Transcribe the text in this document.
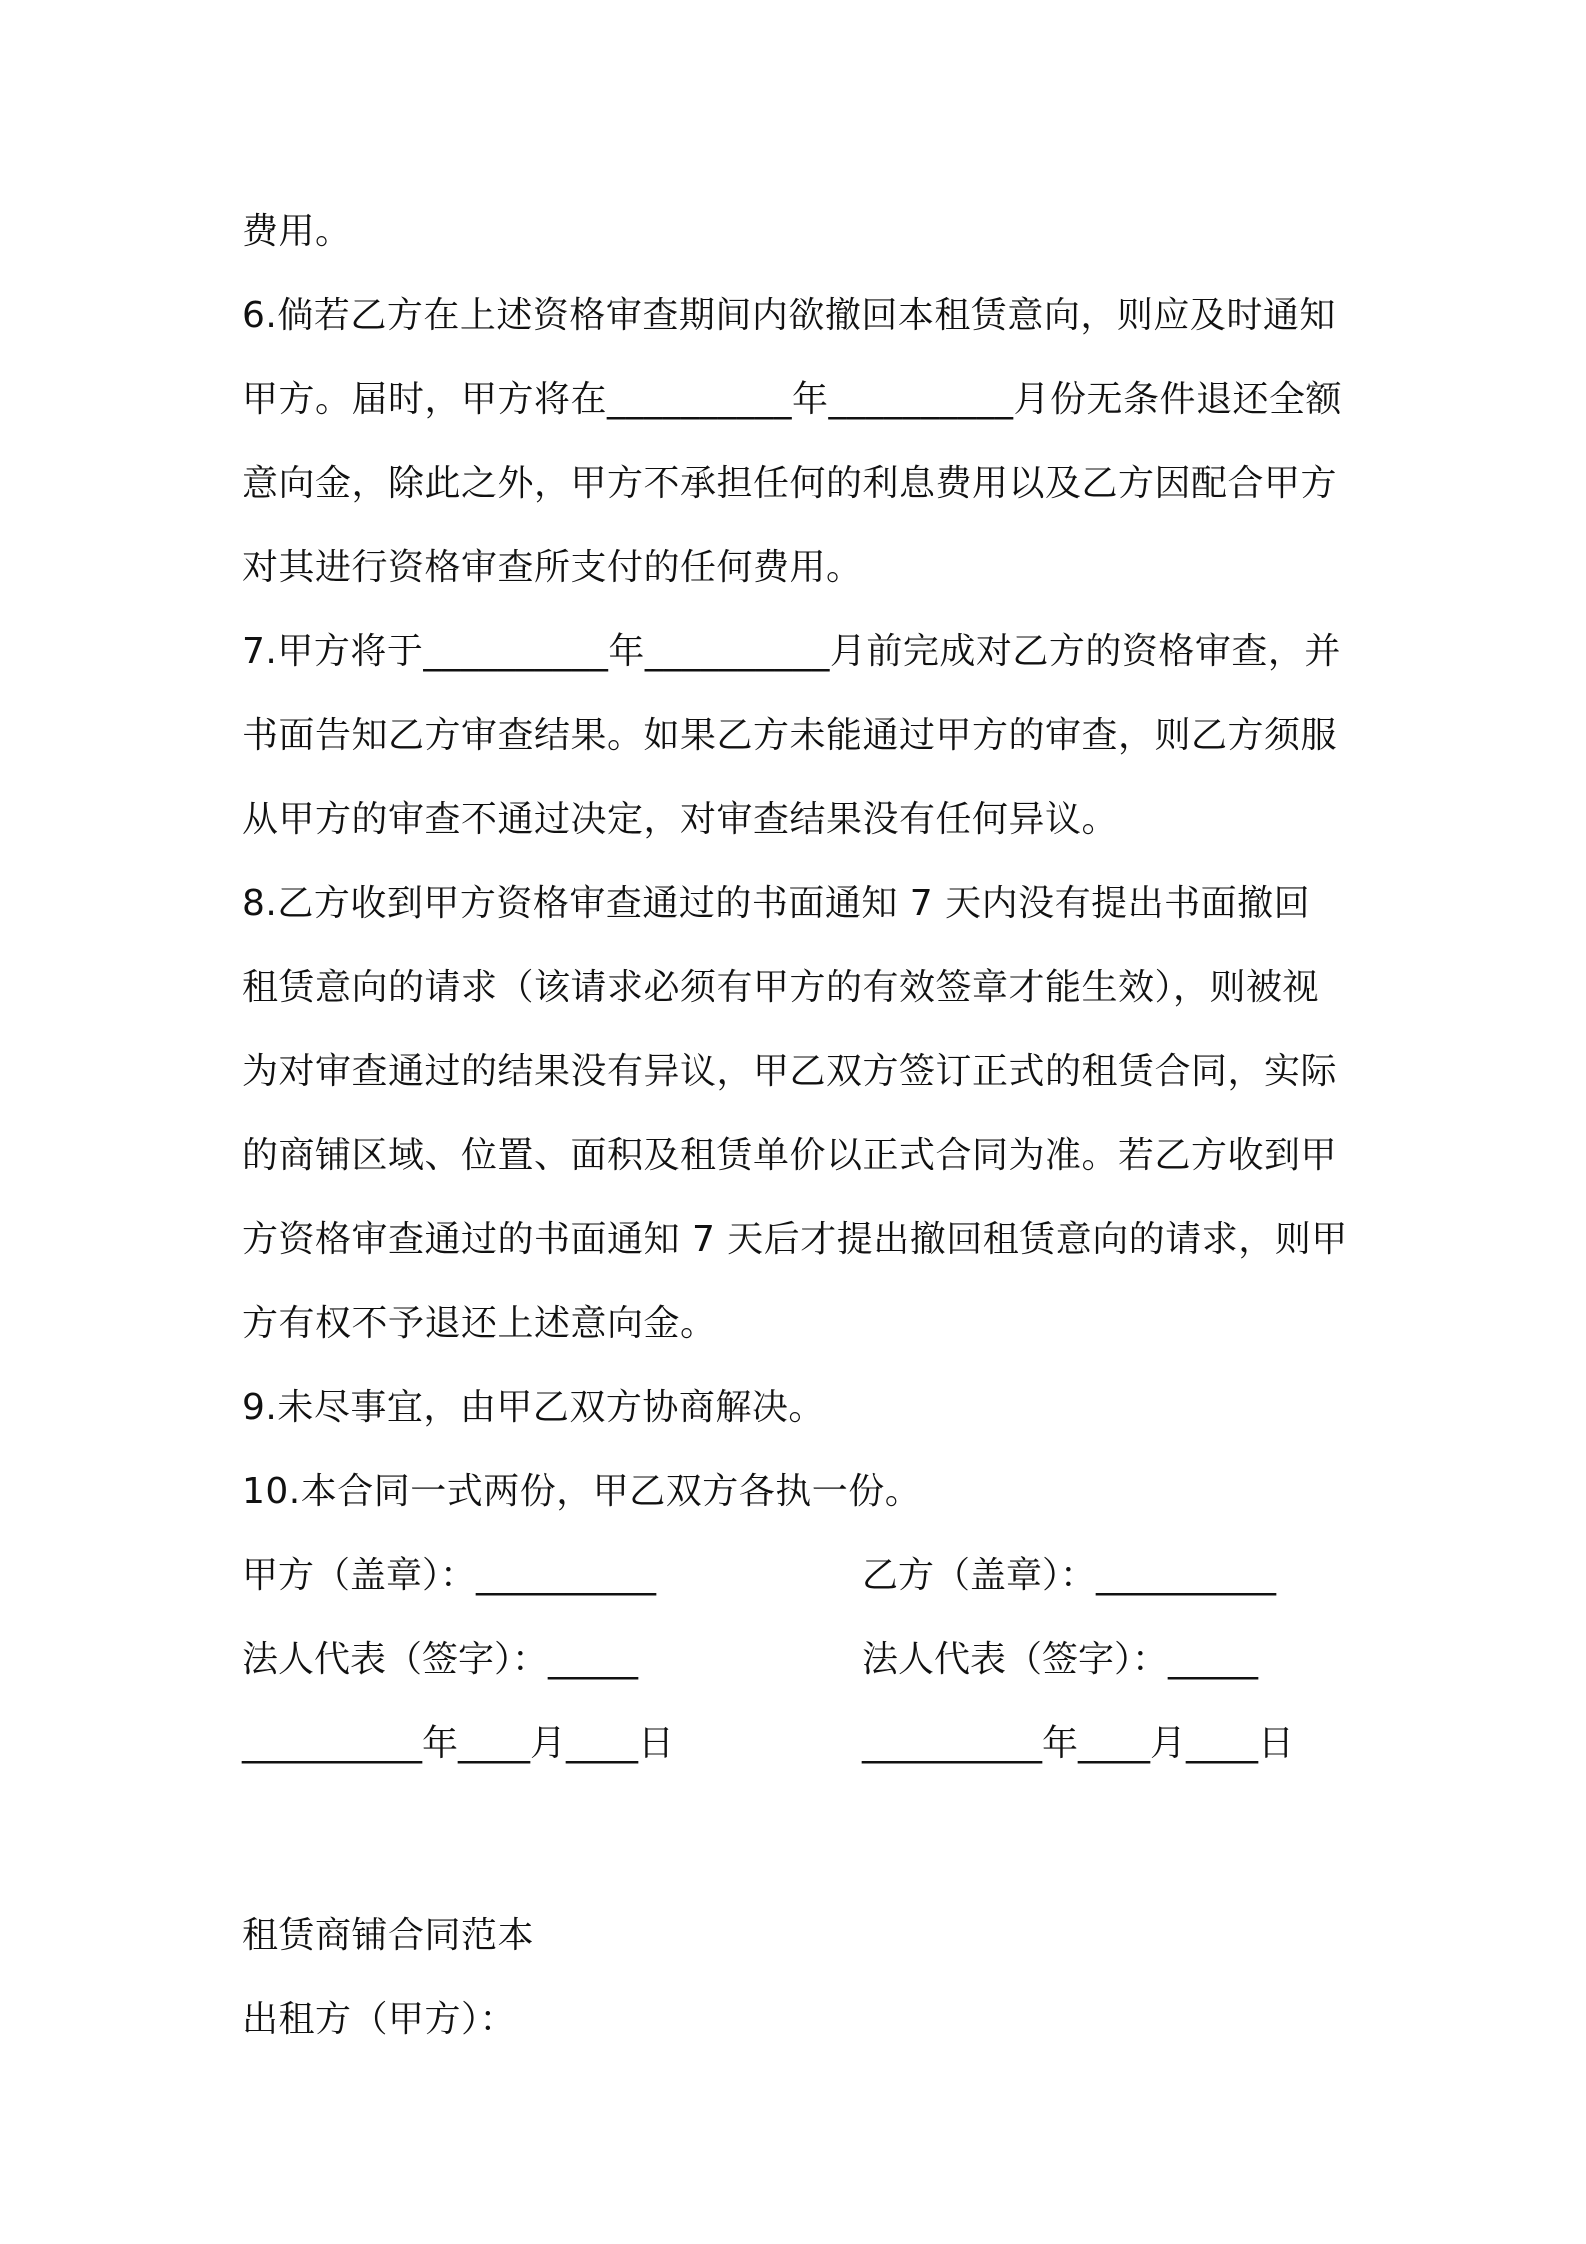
费用。
6.倘若乙方在上述资格审查期间内欲撤回本租赁意向，则应及时通知
甲方。届时，甲方将在__________年__________月份无条件退还全额
意向金，除此之外，甲方不承担任何的利息费用以及乙方因配合甲方
对其进行资格审查所支付的任何费用。
7.甲方将于__________年__________月前完成对乙方的资格审查，并
书面告知乙方审查结果。如果乙方未能通过甲方的审查，则乙方须服
从甲方的审查不通过决定，对审查结果没有任何异议。
8.乙方收到甲方资格审查通过的书面通知 7 天内没有提出书面撤回
租赁意向的请求（该请求必须有甲方的有效签章才能生效），则被视
为对审查通过的结果没有异议，甲乙双方签订正式的租赁合同，实际
的商铺区域、位置、面积及租赁单价以正式合同为准。若乙方收到甲
方资格审查通过的书面通知 7 天后才提出撤回租赁意向的请求，则甲
方有权不予退还上述意向金。
9.未尽事宜，由甲乙双方协商解决。
10.本合同一式两份，甲乙双方各执一份。
甲方（盖章）：__________	乙方（盖章）：__________
法人代表（签字）：_____	法人代表（签字）：_____
__________年____月____日	__________年____月____日
租赁商铺合同范本
出租方（甲方）：
